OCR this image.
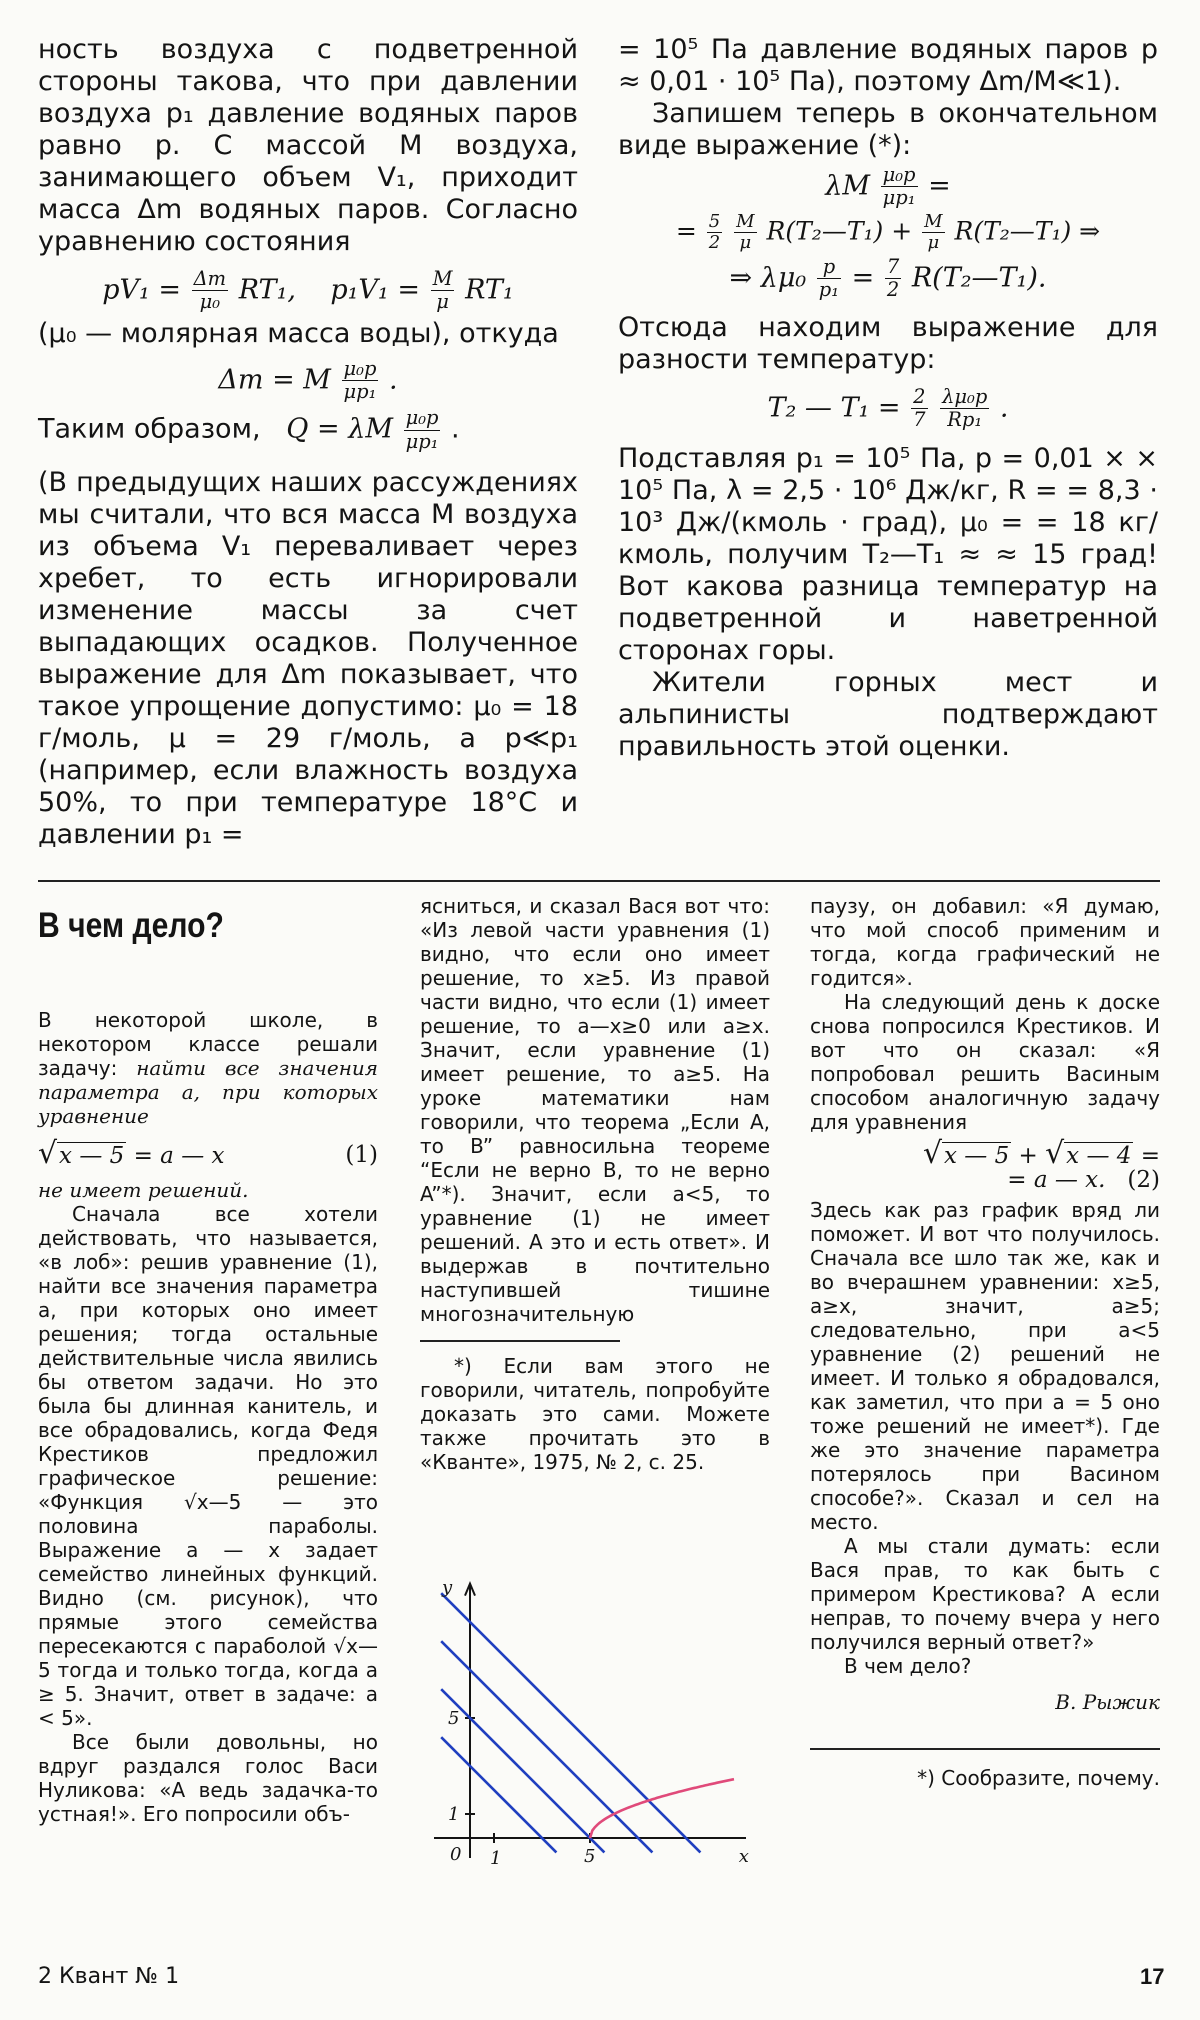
ность воздуха с подветренной стороны такова, что при давлении воздуха p₁ давление водяных паров равно p. С массой M воздуха, занимающего объем V₁, приходит масса Δm водяных паров. Согласно уравнению состояния

$pV_1 = \frac{\Delta m}{\text{μ₀}} RT_1$, $p_1V_1 = \frac{M}{\mu} RT_1$

(μ₀ — молярная масса воды), откуда

Δm = M $\frac{\text{μ₀p}}{\text{μp₁}}$ .
Таким образом, Q = λM $\frac{\text{μ₀p}}{\text{μp₁}}$ .

(В предыдущих наших рассуждениях мы считали, что вся масса M воздуха из объема V₁ переваливает через хребет, то есть игнорировали изменение массы за счет выпадающих осадков. Полученное выражение для Δm показывает, что такое упрощение допустимо: μ₀ = 18 г/моль, μ = 29 г/моль, а p≪p₁ (например, если влажность воздуха 50%, то при температуре 18°C и давлении p₁ =

= 10⁵ Па давление водяных паров p ≈ 0,01 · 10⁵ Па), поэтому Δm/M≪1).

Запишем теперь в окончательном виде выражение (*):

λM $\frac{\text{μ₀p}}{\text{μp₁}}$ =
= $\frac{5}{2}$
$\frac{M}{\mu}$ R(T₂—T₁) + $\frac{M}{\mu}$ R(T₂—T₁) ⇒
⇒ $\lambda\mu_0 \frac{p}{\text{p₁}} = \frac{7}{2}$ R(T₂—T₁).

Отсюда находим выражение для разности температур:

T₂ — $T_1 = \frac{2}{7}$
$\frac{\text{λμ₀p}}{\text{Rp₁}}$ .

Подставляя p₁ = 10⁵ Па, p = 0,01 × × 10⁵ Па, λ = 2,5 · 10⁶ Дж/кг, R = = 8,3 · 10³ Дж/(кмоль · град), μ₀ = = 18 кг/кмоль, получим T₂—T₁ ≈ ≈ 15 град! Вот какова разница температур на подветренной и наветренной сторонах горы.

Жители горных мест и альпинисты подтверждают правильность этой оценки.

В чем дело?

В некоторой школе, в некотором классе решали задачу: найти все значения параметра a, при которых уравнение

√x — 5 = a — x	(1)

не имеет решений.

Сначала все хотели действовать, что называется, «в лоб»: решив уравнение (1), найти все значения параметра a, при которых оно имеет решения; тогда остальные действительные числа явились бы ответом задачи. Но это была бы длинная канитель, и все обрадовались, когда Федя Крестиков предложил графическое решение: «Функция √x—5 — это половина параболы. Выражение a — x задает семейство линейных функций. Видно (см. рисунок), что прямые этого семейства пересекаются с параболой √x—5 тогда и только тогда, когда a ≥ 5. Значит, ответ в задаче: a < 5».

Все были довольны, но вдруг раздался голос Васи Нуликова: «А ведь задачка-то устная!». Его попросили объ-

ясниться, и сказал Вася вот что: «Из левой части уравнения (1) видно, что если оно имеет решение, то x≥5. Из правой части видно, что если (1) имеет решение, то a—x≥0 или a≥x. Значит, если уравнение (1) имеет решение, то a≥5. На уроке математики нам говорили, что теорема „Если A, то B” равносильна теореме “Если не верно B, то не верно A”*). Значит, если a<5, то уравнение (1) не имеет решений. А это и есть ответ». И выдержав в почтительно наступившей тишине многозначительную

*) Если вам этого не говорили, читатель, попробуйте доказать это сами. Можете также прочитать это в «Кванте», 1975, № 2, с. 25.

y
x
0 1	5
1
5

паузу, он добавил: «Я думаю, что мой способ применим и тогда, когда графический не годится».

На следующий день к доске снова попросился Крестиков. И вот что он сказал: «Я попробовал решить Васиным способом аналогичную задачу для уравнения

√x — 5 + √x — 4 =
= a — x. (2)

Здесь как раз график вряд ли поможет. И вот что получилось. Сначала все шло так же, как и во вчерашнем уравнении: x≥5, a≥x, значит, a≥5; следовательно, при a<5 уравнение (2) решений не имеет. И только я обрадовался, как заметил, что при a = 5 оно тоже решений не имеет*). Где же это значение параметра потерялось при Васином способе?». Сказал и сел на место.

А мы стали думать: если Вася прав, то как быть с примером Крестикова? А если неправ, то почему вчера у него получился верный ответ?»

В чем дело?

В. Рыжик

*) Сообразите, почему.

2 Квант № 1	17
